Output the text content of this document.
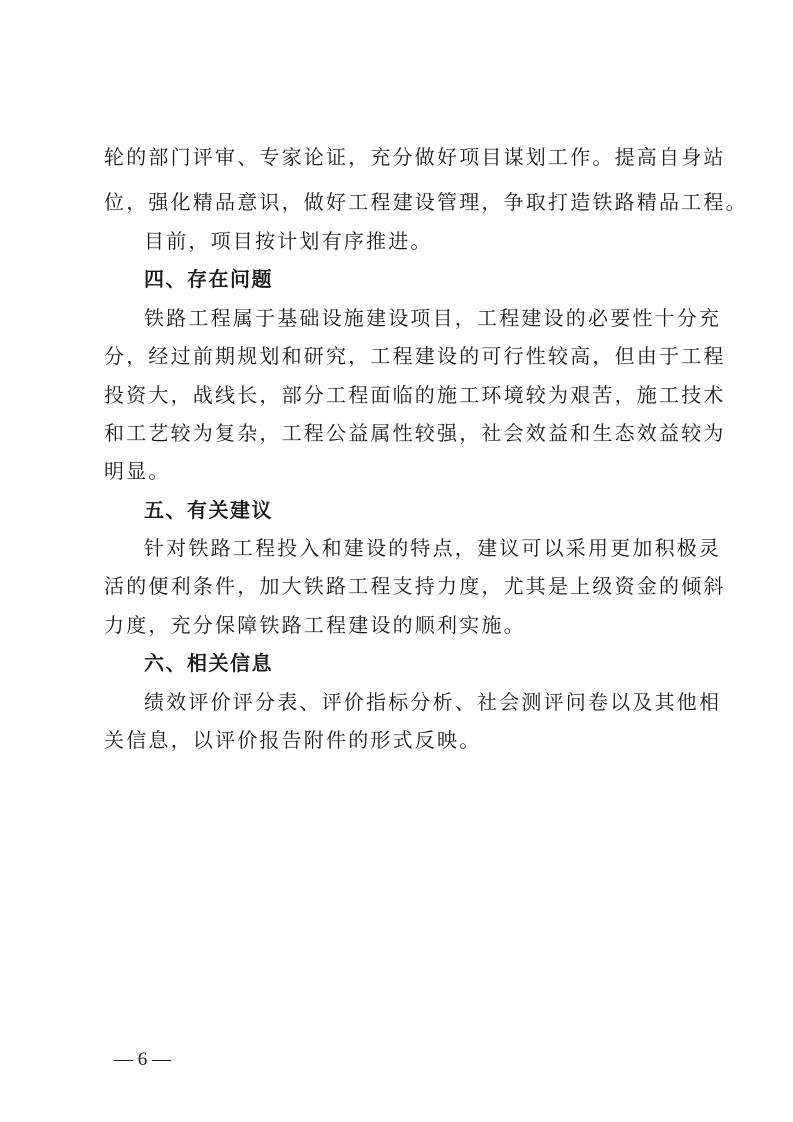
轮的部门评审、专家论证，充分做好项目谋划工作。提高自身站
位，强化精品意识，做好工程建设管理，争取打造铁路精品工程。
目前，项目按计划有序推进。
四、存在问题
铁路工程属于基础设施建设项目，工程建设的必要性十分充
分，经过前期规划和研究，工程建设的可行性较高，但由于工程
投资大，战线长，部分工程面临的施工环境较为艰苦，施工技术
和工艺较为复杂，工程公益属性较强，社会效益和生态效益较为
明显。
五、有关建议
针对铁路工程投入和建设的特点，建议可以采用更加积极灵
活的便利条件，加大铁路工程支持力度，尤其是上级资金的倾斜
力度，充分保障铁路工程建设的顺利实施。
六、相关信息
绩效评价评分表、评价指标分析、社会测评问卷以及其他相
关信息，以评价报告附件的形式反映。
— 6 —
